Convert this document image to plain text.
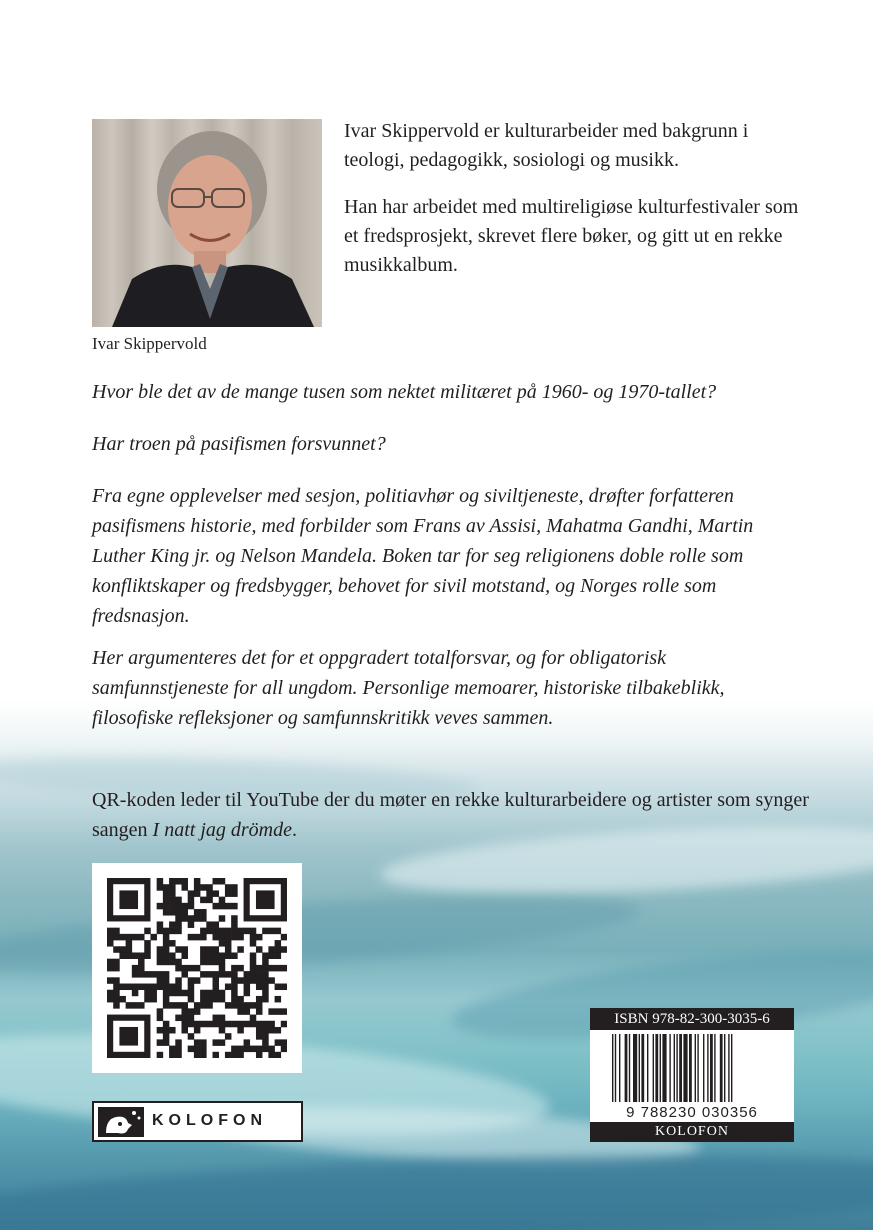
Ivar Skippervold

Ivar Skippervold er kulturarbeider med bakgrunn i teologi, pedagogikk, sosiologi og musikk.

Han har arbeidet med multireligiøse kulturfestivaler som et fredsprosjekt, skrevet flere bøker, og gitt ut en rekke musikkalbum.

Hvor ble det av de mange tusen som nektet militæret på 1960- og 1970-tallet?

Har troen på pasifismen forsvunnet?

Fra egne opplevelser med sesjon, politiavhør og siviltjeneste, drøfter forfatteren pasifismens historie, med forbilder som Frans av Assisi, Mahatma Gandhi, Martin Luther King jr. og Nelson Mandela. Boken tar for seg religionens doble rolle som konfliktskaper og fredsbygger, behovet for sivil motstand, og Norges rolle som fredsnasjon.

Her argumenteres det for et oppgradert totalforsvar, og for obligatorisk samfunnstjeneste for all ungdom. Personlige memoarer, historiske tilbakeblikk, filosofiske refleksjoner og samfunnskritikk veves sammen.

QR-koden leder til YouTube der du møter en rekke kulturarbeidere og artister som synger sangen I natt jag drömde.

KOLOFON
ISBN 978-82-300-3035-6
9 788230 030356
KOLOFON
